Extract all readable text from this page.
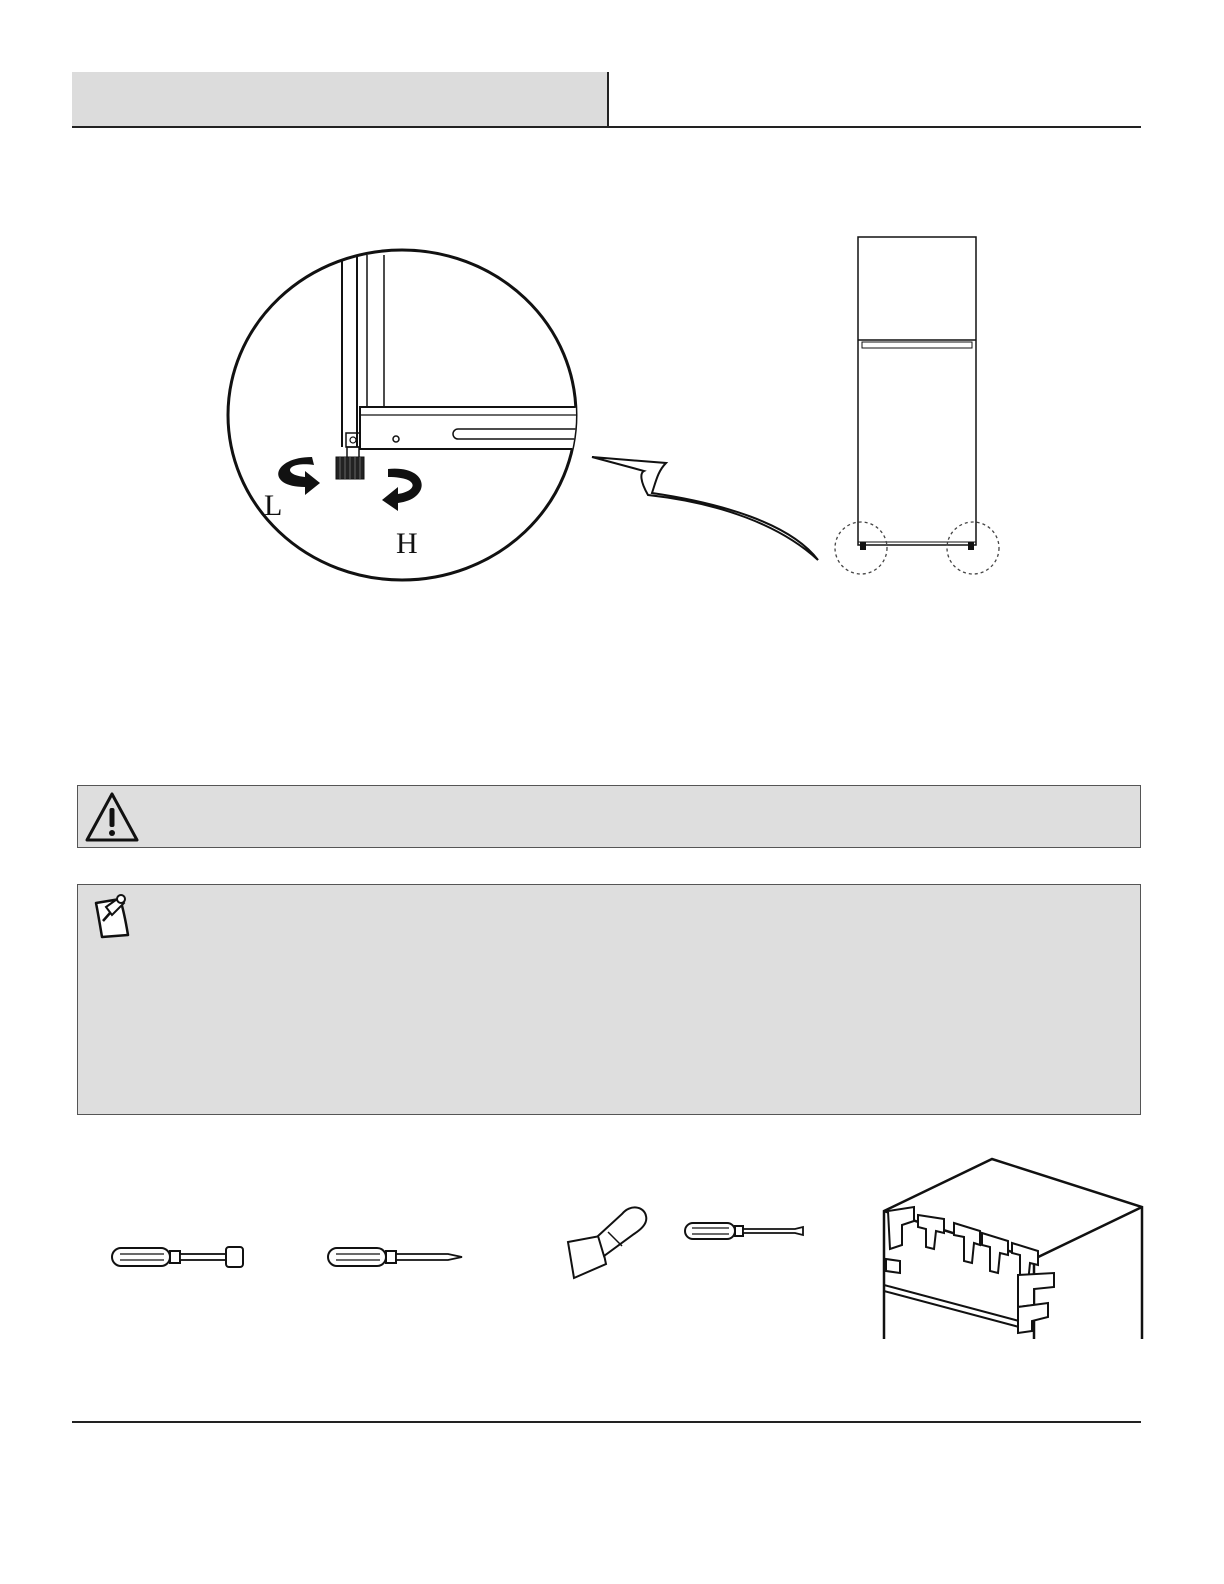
L
H
